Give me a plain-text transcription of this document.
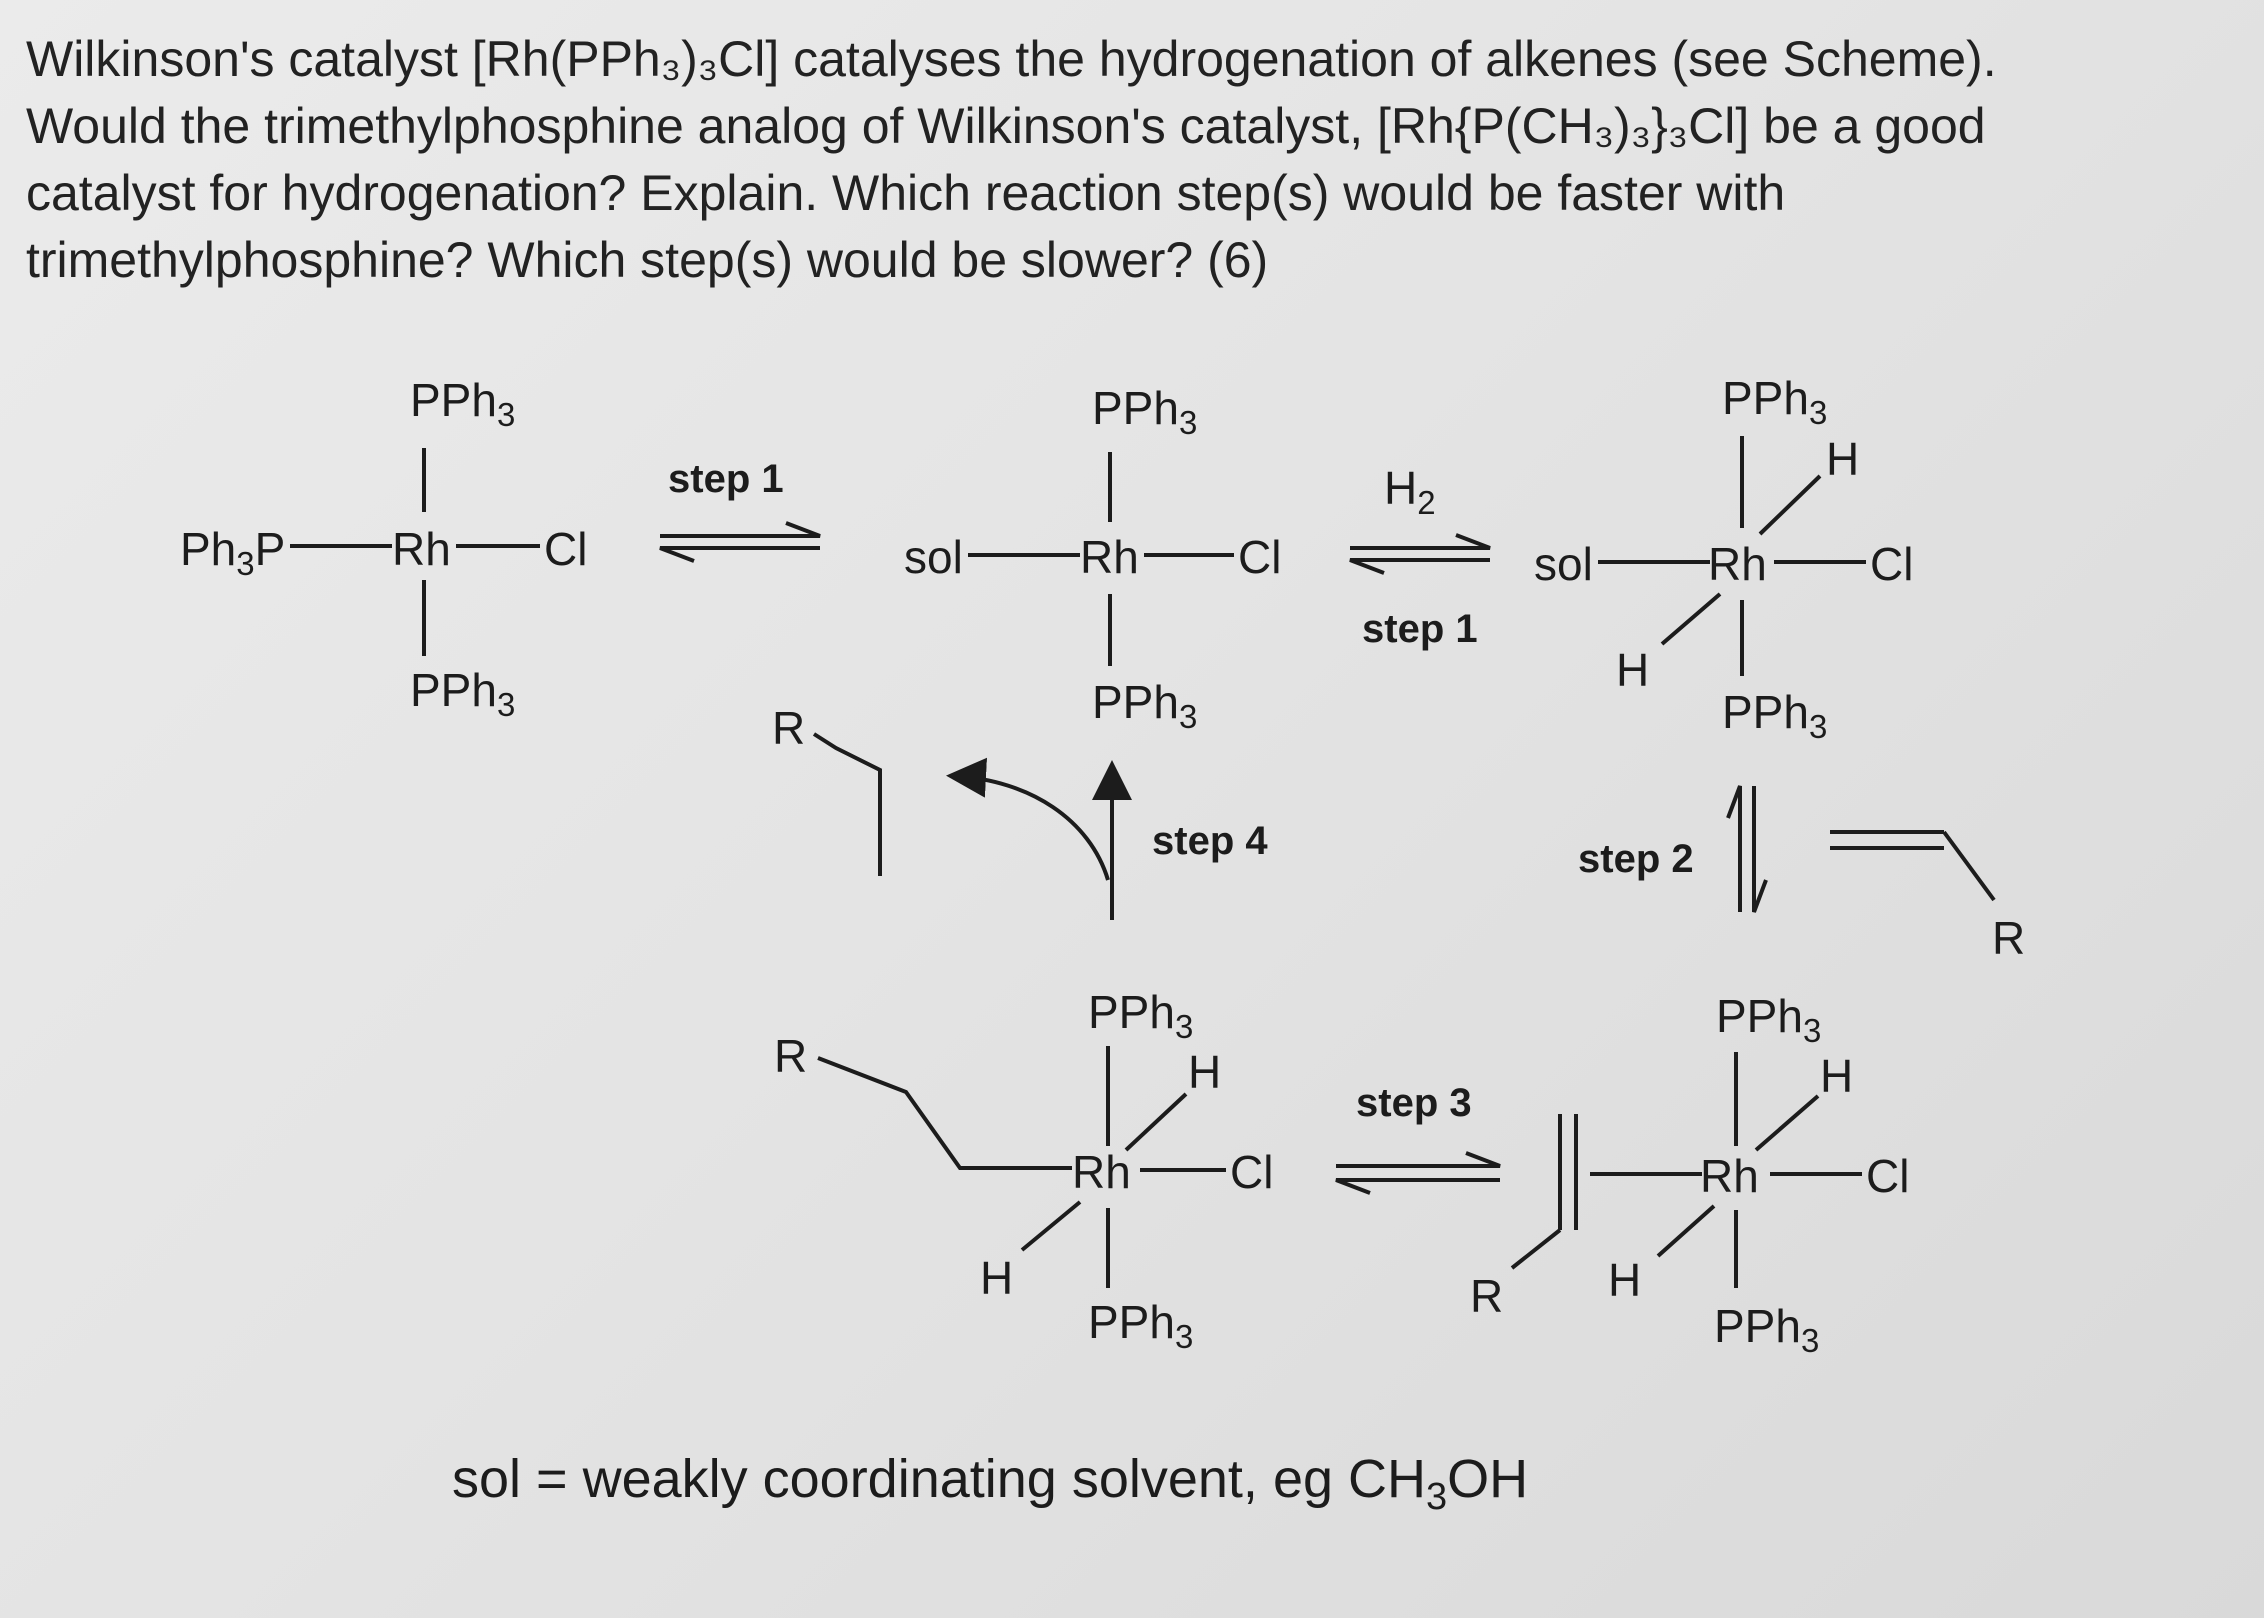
Wilkinson's catalyst [Rh(PPh₃)₃Cl] catalyses the hydrogenation of alkenes (see Scheme).
Would the trimethylphosphine analog of Wilkinson's catalyst, [Rh{P(CH₃)₃}₃Cl] be a good
catalyst for hydrogenation? Explain. Which reaction step(s) would be faster with
trimethylphosphine? Which step(s) would be slower? (6)
PPh$_3$
$Ph_3P$ Rh Cl
PPh$_3$
step 1
PPh$_3$
sol	Rh Cl
PPh$_3$
$H_2$
step 1
PPh$_3$
H
sol	Rh Cl
H
PPh$_3$
step 2
R
PPh$_3$
H
R
Rh Cl
H
PPh$_3$
step 3
PPh$_3$
H
R
Rh Cl
H
PPh$_3$
step 4
R
sol = weakly coordinating solvent, eg $CH_3OH$
